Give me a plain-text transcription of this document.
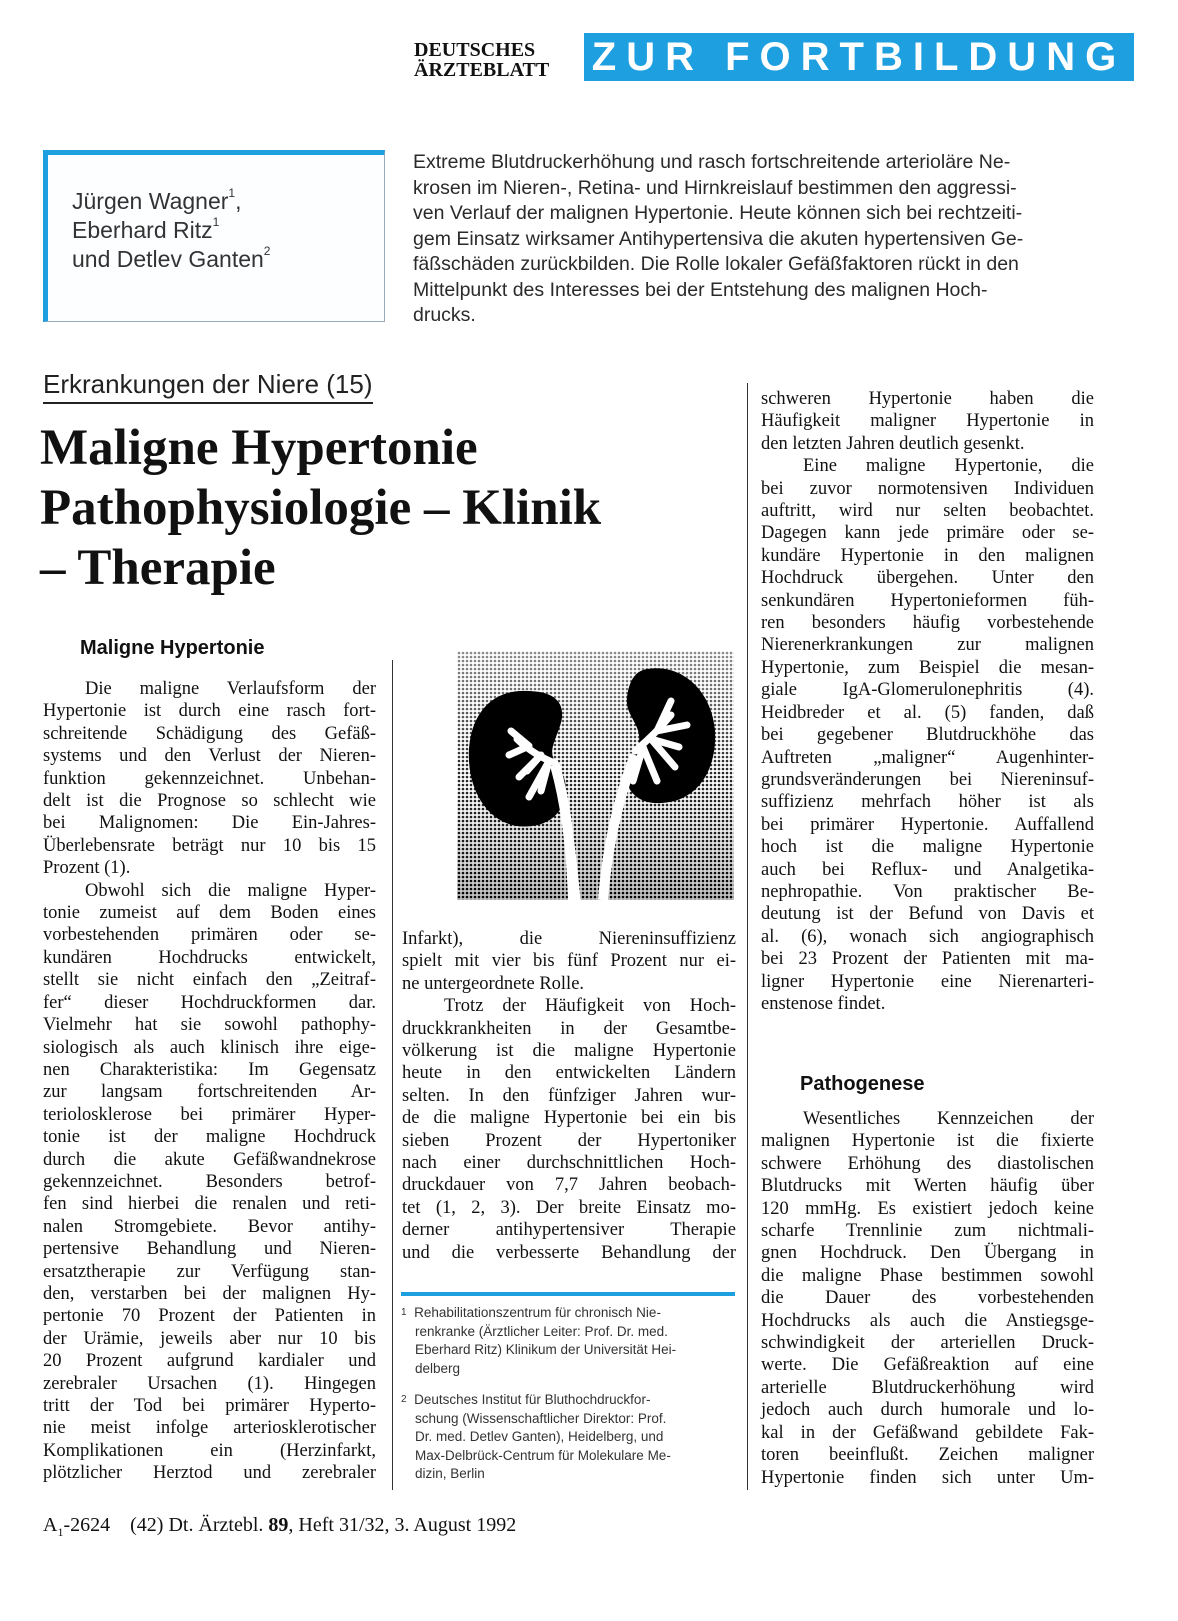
DEUTSCHES
ÄRZTEBLATT	ZUR FORTBILDUNG
Jürgen Wagner$^1$,
Eberhard Ritz$^1$
und Detlev Ganten$^2$
Extreme Blutdruckerhöhung und rasch fortschreitende arterioläre Ne-
krosen im Nieren-, Retina- und Hirnkreislauf bestimmen den aggressi-
ven Verlauf der malignen Hypertonie. Heute können sich bei rechtzeiti-
gem Einsatz wirksamer Antihypertensiva die akuten hypertensiven Ge-
fäßschäden zurückbilden. Die Rolle lokaler Gefäßfaktoren rückt in den
Mittelpunkt des Interesses bei der Entstehung des malignen Hoch-
drucks.
Erkrankungen der Niere (15)
Maligne Hypertonie
Pathophysiologie – Klinik
– Therapie
Maligne Hypertonie
Die maligne Verlaufsform der
Hypertonie ist durch eine rasch fort-
schreitende Schädigung des Gefäß-
systems und den Verlust der Nieren-
funktion gekennzeichnet. Unbehan-
delt ist die Prognose so schlecht wie
bei Malignomen: Die Ein-Jahres-
Überlebensrate beträgt nur 10 bis 15
Prozent (1).
Obwohl sich die maligne Hyper-
tonie zumeist auf dem Boden eines
vorbestehenden primären oder se-
kundären Hochdrucks entwickelt,
stellt sie nicht einfach den „Zeitraf-
fer“ dieser Hochdruckformen dar.
Vielmehr hat sie sowohl pathophy-
siologisch als auch klinisch ihre eige-
nen Charakteristika: Im Gegensatz
zur langsam fortschreitenden Ar-
teriolosklerose bei primärer Hyper-
tonie ist der maligne Hochdruck
durch die akute Gefäßwandnekrose
gekennzeichnet. Besonders betrof-
fen sind hierbei die renalen und reti-
nalen Stromgebiete. Bevor antihy-
pertensive Behandlung und Nieren-
ersatztherapie zur Verfügung stan-
den, verstarben bei der malignen Hy-
pertonie 70 Prozent der Patienten in
der Urämie, jeweils aber nur 10 bis
20 Prozent aufgrund kardialer und
zerebraler Ursachen (1). Hingegen
tritt der Tod bei primärer Hyperto-
nie meist infolge arteriosklerotischer
Komplikationen ein (Herzinfarkt,
plötzlicher Herztod und zerebraler
Infarkt), die Niereninsuffizienz
spielt mit vier bis fünf Prozent nur ei-
ne untergeordnete Rolle.
Trotz der Häufigkeit von Hoch-
druckkrankheiten in der Gesamtbe-
völkerung ist die maligne Hypertonie
heute in den entwickelten Ländern
selten. In den fünfziger Jahren wur-
de die maligne Hypertonie bei ein bis
sieben Prozent der Hypertoniker
nach einer durchschnittlichen Hoch-
druckdauer von 7,7 Jahren beobach-
tet (1, 2, 3). Der breite Einsatz mo-
derner antihypertensiver Therapie
und die verbesserte Behandlung der
$^1$ Rehabilitationszentrum für chronisch Nie-
renkranke (Ärztlicher Leiter: Prof. Dr. med.
Eberhard Ritz) Klinikum der Universität Hei-
delberg
$^2$ Deutsches Institut für Bluthochdruckfor-
schung (Wissenschaftlicher Direktor: Prof.
Dr. med. Detlev Ganten), Heidelberg, und
Max-Delbrück-Centrum für Molekulare Me-
dizin, Berlin
schweren Hypertonie haben die
Häufigkeit maligner Hypertonie in
den letzten Jahren deutlich gesenkt.
Eine maligne Hypertonie, die
bei zuvor normotensiven Individuen
auftritt, wird nur selten beobachtet.
Dagegen kann jede primäre oder se-
kundäre Hypertonie in den malignen
Hochdruck übergehen. Unter den
senkundären Hypertonieformen füh-
ren besonders häufig vorbestehende
Nierenerkrankungen zur malignen
Hypertonie, zum Beispiel die mesan-
giale IgA-Glomerulonephritis (4).
Heidbreder et al. (5) fanden, daß
bei gegebener Blutdruckhöhe das
Auftreten „maligner“ Augenhinter-
grundsveränderungen bei Niereninsuf-
suffizienz mehrfach höher ist als
bei primärer Hypertonie. Auffallend
hoch ist die maligne Hypertonie
auch bei Reflux- und Analgetika-
nephropathie. Von praktischer Be-
deutung ist der Befund von Davis et
al. (6), wonach sich angiographisch
bei 23 Prozent der Patienten mit ma-
ligner Hypertonie eine Nierenarteri-
enstenose findet.
Pathogenese
Wesentliches Kennzeichen der
malignen Hypertonie ist die fixierte
schwere Erhöhung des diastolischen
Blutdrucks mit Werten häufig über
120 mmHg. Es existiert jedoch keine
scharfe Trennlinie zum nichtmali-
gnen Hochdruck. Den Übergang in
die maligne Phase bestimmen sowohl
die Dauer des vorbestehenden
Hochdrucks als auch die Anstiegsge-
schwindigkeit der arteriellen Druck-
werte. Die Gefäßreaktion auf eine
arterielle Blutdruckerhöhung wird
jedoch auch durch humorale und lo-
kal in der Gefäßwand gebildete Fak-
toren beeinflußt. Zeichen maligner
Hypertonie finden sich unter Um-
$A_1-2624$ (42) Dt. Ärztebl. 89, Heft 31/32, 3. August 1992
